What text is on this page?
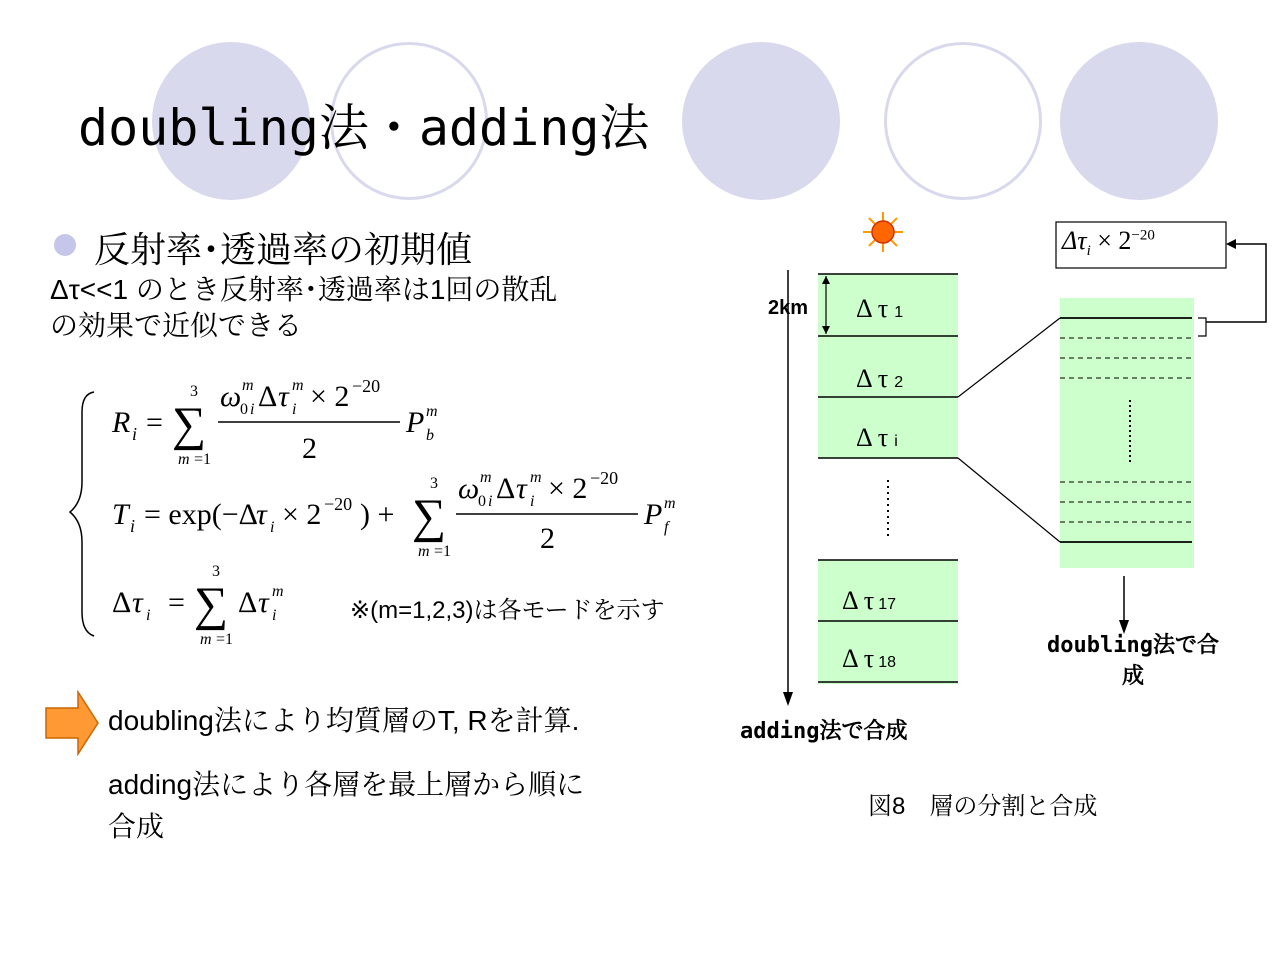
doubling法・adding法
反射率･透過率の初期値
Δτ<<1 のとき反射率･透過率は1回の散乱
の効果で近似できる
R i = ∑
3
m =1
ω
0 i
m Δ τ i
m × 2 −20
2
P b
m
T i = exp(−Δ
τ i × 2 −20 ) + ∑
3
m =1
ω
0 i
m Δ τ i
m × 2 −20
2
P f
m
Δ τ i = ∑
3
m =1
Δ τ i
m
※(m=1,2,3)は各モードを示す
doubling法により均質層のT, Rを計算.
adding法により各層を最上層から順に
合成
$\Delta\tau_i \times 2^{-20}$
2km Δ τ 1
Δ τ 2
Δ τ i
Δ τ 17
Δ τ 18
adding法で合成
doubling法で合
成
図8　層の分割と合成
